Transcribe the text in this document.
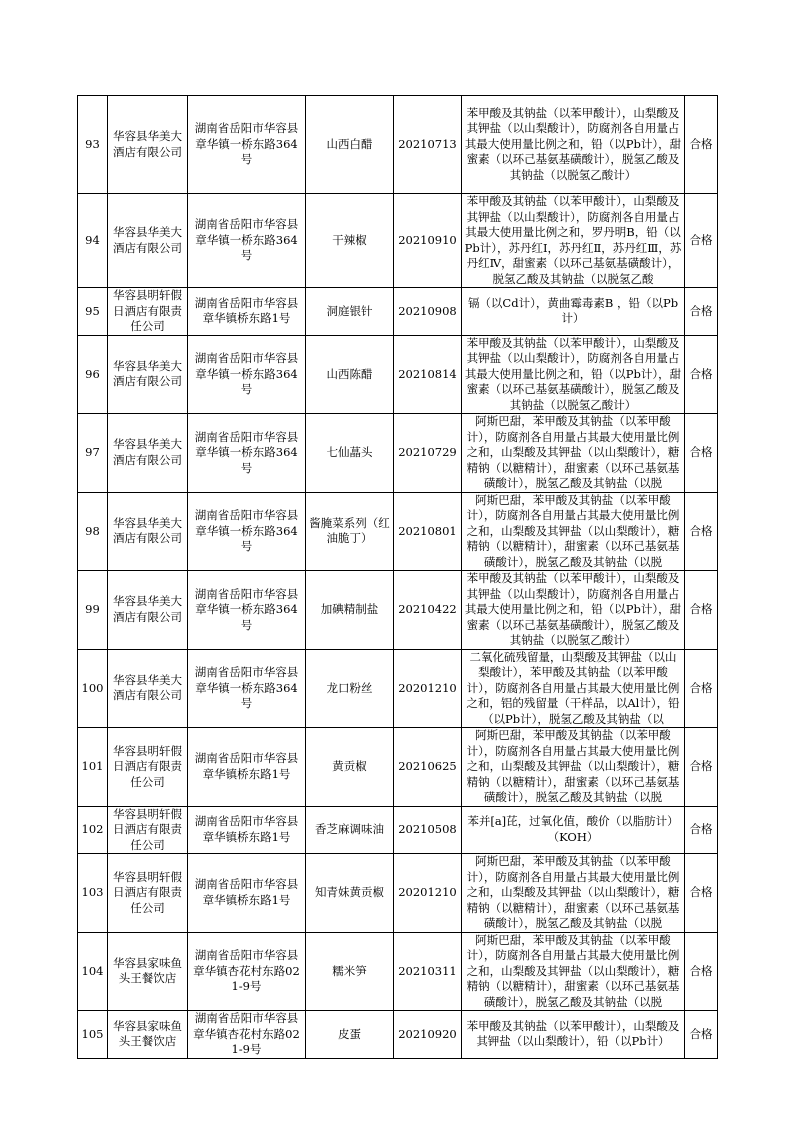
93	华容县华美大酒店有限公司	湖南省岳阳市华容县章华镇一桥东路364号	山西白醋	20210713	苯甲酸及其钠盐（以苯甲酸计），山梨酸及其钾盐（以山梨酸计），防腐剂各自用量占其最大使用量比例之和，铅（以Pb计），甜蜜素（以环己基氨基磺酸计），脱氢乙酸及其钠盐（以脱氢乙酸计）	合格
94	华容县华美大酒店有限公司	湖南省岳阳市华容县章华镇一桥东路364号	干辣椒	20210910	苯甲酸及其钠盐（以苯甲酸计），山梨酸及其钾盐（以山梨酸计），防腐剂各自用量占其最大使用量比例之和，罗丹明B，铅（以Pb计），苏丹红Ⅰ，苏丹红Ⅱ，苏丹红Ⅲ，苏丹红Ⅳ，甜蜜素（以环己基氨基磺酸计），脱氢乙酸及其钠盐（以脱氢乙酸	合格
95	华容县明轩假日酒店有限责任公司	湖南省岳阳市华容县章华镇桥东路1号	洞庭银针	20210908	镉（以Cd计），黄曲霉毒素B ，铅（以Pb计）	合格
96	华容县华美大酒店有限公司	湖南省岳阳市华容县章华镇一桥东路364号	山西陈醋	20210814	苯甲酸及其钠盐（以苯甲酸计），山梨酸及其钾盐（以山梨酸计），防腐剂各自用量占其最大使用量比例之和，铅（以Pb计），甜蜜素（以环己基氨基磺酸计），脱氢乙酸及其钠盐（以脱氢乙酸计）	合格
97	华容县华美大酒店有限公司	湖南省岳阳市华容县章华镇一桥东路364号	七仙蕌头	20210729	阿斯巴甜，苯甲酸及其钠盐（以苯甲酸计），防腐剂各自用量占其最大使用量比例之和，山梨酸及其钾盐（以山梨酸计），糖精钠（以糖精计），甜蜜素（以环己基氨基磺酸计），脱氢乙酸及其钠盐（以脱	合格
98	华容县华美大酒店有限公司	湖南省岳阳市华容县章华镇一桥东路364号	酱腌菜系列（红油脆丁）	20210801	阿斯巴甜，苯甲酸及其钠盐（以苯甲酸计），防腐剂各自用量占其最大使用量比例之和，山梨酸及其钾盐（以山梨酸计），糖精钠（以糖精计），甜蜜素（以环己基氨基磺酸计），脱氢乙酸及其钠盐（以脱	合格
99	华容县华美大酒店有限公司	湖南省岳阳市华容县章华镇一桥东路364号	加碘精制盐	20210422	苯甲酸及其钠盐（以苯甲酸计），山梨酸及其钾盐（以山梨酸计），防腐剂各自用量占其最大使用量比例之和，铅（以Pb计），甜蜜素（以环己基氨基磺酸计），脱氢乙酸及其钠盐（以脱氢乙酸计）	合格
100	华容县华美大酒店有限公司	湖南省岳阳市华容县章华镇一桥东路364号	龙口粉丝	20201210	二氧化硫残留量，山梨酸及其钾盐（以山梨酸计），苯甲酸及其钠盐（以苯甲酸计），防腐剂各自用量占其最大使用量比例之和，铝的残留量（干样品，以Al计），铅（以Pb计），脱氢乙酸及其钠盐（以	合格
101	华容县明轩假日酒店有限责任公司	湖南省岳阳市华容县章华镇桥东路1号	黄贡椒	20210625	阿斯巴甜，苯甲酸及其钠盐（以苯甲酸计），防腐剂各自用量占其最大使用量比例之和，山梨酸及其钾盐（以山梨酸计），糖精钠（以糖精计），甜蜜素（以环己基氨基磺酸计），脱氢乙酸及其钠盐（以脱	合格
102	华容县明轩假日酒店有限责任公司	湖南省岳阳市华容县章华镇桥东路1号	香芝麻调味油	20210508	苯并[a]芘，过氧化值，酸价（以脂肪计）（KOH）	合格
103	华容县明轩假日酒店有限责任公司	湖南省岳阳市华容县章华镇桥东路1号	知青妹黄贡椒	20201210	阿斯巴甜，苯甲酸及其钠盐（以苯甲酸计），防腐剂各自用量占其最大使用量比例之和，山梨酸及其钾盐（以山梨酸计），糖精钠（以糖精计），甜蜜素（以环己基氨基磺酸计），脱氢乙酸及其钠盐（以脱	合格
104	华容县家味鱼头王餐饮店	湖南省岳阳市华容县章华镇杏花村东路021-9号	糯米笋	20210311	阿斯巴甜，苯甲酸及其钠盐（以苯甲酸计），防腐剂各自用量占其最大使用量比例之和，山梨酸及其钾盐（以山梨酸计），糖精钠（以糖精计），甜蜜素（以环己基氨基磺酸计），脱氢乙酸及其钠盐（以脱	合格
105	华容县家味鱼头王餐饮店	湖南省岳阳市华容县章华镇杏花村东路021-9号	皮蛋	20210920	苯甲酸及其钠盐（以苯甲酸计），山梨酸及其钾盐（以山梨酸计），铅（以Pb计）	合格
